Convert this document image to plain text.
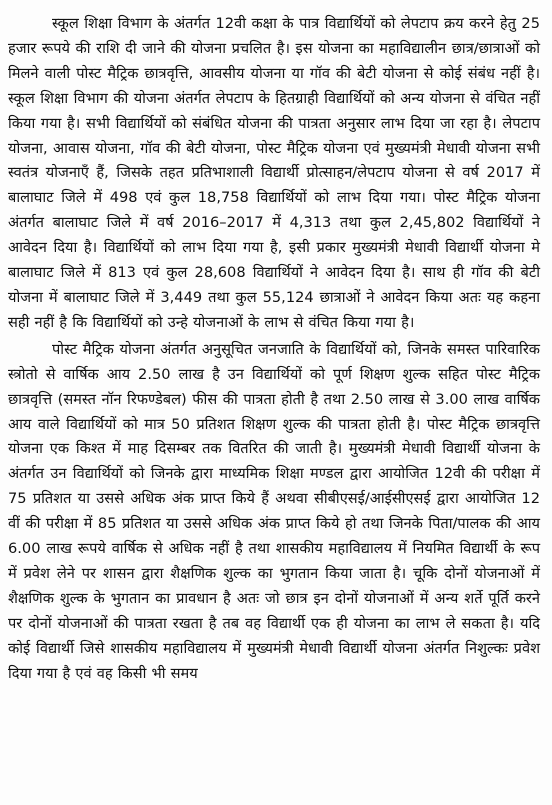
स्कूल शिक्षा विभाग के अंतर्गत 12वी कक्षा के पात्र विद्यार्थियों को लेपटाप क्रय करने हेतु 25 हजार रूपये की राशि दी जाने की योजना प्रचलित है। इस योजना का महाविद्यालीन छात्र/छात्राओं को मिलने वाली पोस्ट मैट्रिक छात्रवृत्ति, आवसीय योजना या गॉव की बेटी योजना से कोई संबंध नहीं है। स्कूल शिक्षा विभाग की योजना अंतर्गत लेपटाप के हितग्राही विद्यार्थियों को अन्य योजना से वंचित नहीं किया गया है। सभी विद्यार्थियों को संबंधित योजना की पात्रता अनुसार लाभ दिया जा रहा है। लेपटाप योजना, आवास योजना, गॉव की बेटी योजना, पोस्ट मैट्रिक योजना एवं मुख्यमंत्री मेधावी योजना सभी स्वतंत्र योजनाएँ हैं, जिसके तहत प्रतिभाशाली विद्यार्थी प्रोत्साहन/लेपटाप योजना से वर्ष 2017 में बालाघाट जिले में 498 एवं कुल 18,758 विद्यार्थियों को लाभ दिया गया। पोस्ट मैट्रिक योजना अंतर्गत बालाघाट जिले में वर्ष 2016–2017 में 4,313 तथा कुल 2,45,802 विद्यार्थियों ने आवेदन दिया है। विद्यार्थियों को लाभ दिया गया है, इसी प्रकार मुख्यमंत्री मेधावी विद्यार्थी योजना मे बालाघाट जिले में 813 एवं कुल 28,608 विद्यार्थियों ने आवेदन दिया है। साथ ही गॉव की बेटी योजना में बालाघाट जिले में 3,449 तथा कुल 55,124 छात्राओं ने आवेदन किया अतः यह कहना सही नहीं है कि विद्यार्थियों को उन्हे योजनाओं के लाभ से वंचित किया गया है।

पोस्ट मैट्रिक योजना अंतर्गत अनुसूचित जनजाति के विद्यार्थियों को, जिनके समस्त पारिवारिक स्त्रोतो से वार्षिक आय 2.50 लाख है उन विद्यार्थियों को पूर्ण शिक्षण शुल्क सहित पोस्ट मैट्रिक छात्रवृत्ति (समस्त नॉन रिफण्डेबल) फीस की पात्रता होती है तथा 2.50 लाख से 3.00 लाख वार्षिक आय वाले विद्यार्थियों को मात्र 50 प्रतिशत शिक्षण शुल्क की पात्रता होती है। पोस्ट मैट्रिक छात्रवृत्ति योजना एक किश्त में माह दिसम्बर तक वितरित की जाती है। मुख्यमंत्री मेधावी विद्यार्थी योजना के अंतर्गत उन विद्यार्थियों को जिनके द्वारा माध्यमिक शिक्षा मण्डल द्वारा आयोजित 12वी की परीक्षा में 75 प्रतिशत या उससे अधिक अंक प्राप्त किये हैं अथवा सीबीएसई/आईसीएसई द्वारा आयोजित 12 वीं की परीक्षा में 85 प्रतिशत या उससे अधिक अंक प्राप्त किये हो तथा जिनके पिता/पालक की आय 6.00 लाख रूपये वार्षिक से अधिक नहीं है तथा शासकीय महाविद्यालय में नियमित विद्यार्थी के रूप में प्रवेश लेने पर शासन द्वारा शैक्षणिक शुल्क का भुगतान किया जाता है। चूकि दोनों योजनाओं में शैक्षणिक शुल्क के भुगतान का प्रावधान है अतः जो छात्र इन दोनों योजनाओं में अन्य शर्ते पूर्ति करने पर दोनों योजनाओं की पात्रता रखता है तब वह विद्यार्थी एक ही योजना का लाभ ले सकता है। यदि कोई विद्यार्थी जिसे शासकीय महाविद्यालय में मुख्यमंत्री मेधावी विद्यार्थी योजना अंतर्गत निशुल्कः प्रवेश दिया गया है एवं वह किसी भी समय
